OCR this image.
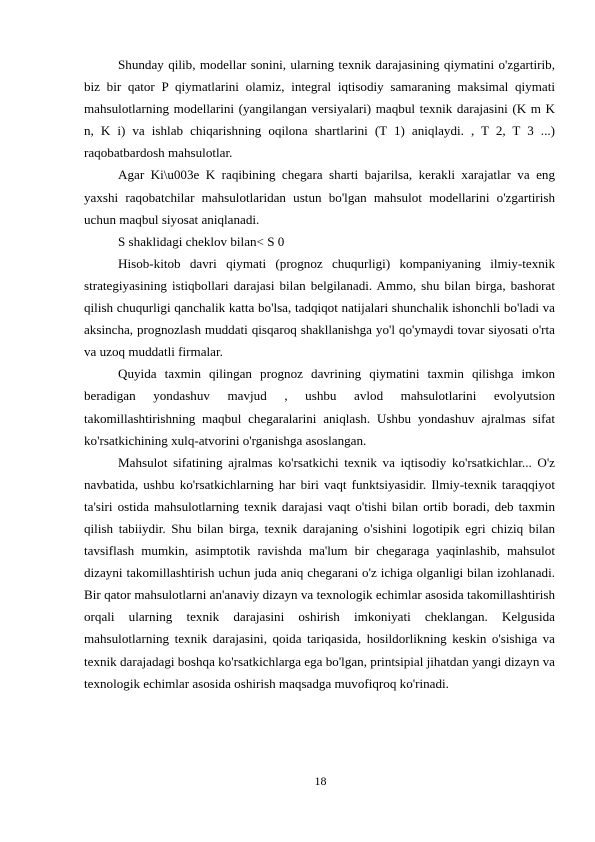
Shunday qilib, modellar sonini, ularning texnik darajasining qiymatini o'zgartirib, biz bir qator P qiymatlarini olamiz, integral iqtisodiy samaraning maksimal qiymati mahsulotlarning modellarini (yangilangan versiyalari) maqbul texnik darajasini (K m K n, K i) va ishlab chiqarishning oqilona shartlarini (T 1) aniqlaydi. , T 2, T 3 ...) raqobatbardosh mahsulotlar.

Agar Ki\u003e K raqibining chegara sharti bajarilsa, kerakli xarajatlar va eng yaxshi raqobatchilar mahsulotlaridan ustun bo'lgan mahsulot modellarini o'zgartirish uchun maqbul siyosat aniqlanadi.

S shaklidagi cheklov bilan< S 0

Hisob-kitob davri qiymati (prognoz chuqurligi) kompaniyaning ilmiy-texnik strategiyasining istiqbollari darajasi bilan belgilanadi. Ammo, shu bilan birga, bashorat qilish chuqurligi qanchalik katta bo'lsa, tadqiqot natijalari shunchalik ishonchli bo'ladi va aksincha, prognozlash muddati qisqaroq shakllanishga yo'l qo'ymaydi tovar siyosati o'rta va uzoq muddatli firmalar.

Quyida taxmin qilingan prognoz davrining qiymatini taxmin qilishga imkon beradigan yondashuv mavjud , ushbu avlod mahsulotlarini evolyutsion takomillashtirishning maqbul chegaralarini aniqlash. Ushbu yondashuv ajralmas sifat ko'rsatkichining xulq-atvorini o'rganishga asoslangan.

Mahsulot sifatining ajralmas ko'rsatkichi texnik va iqtisodiy ko'rsatkichlar... O'z navbatida, ushbu ko'rsatkichlarning har biri vaqt funktsiyasidir. Ilmiy-texnik taraqqiyot ta'siri ostida mahsulotlarning texnik darajasi vaqt o'tishi bilan ortib boradi, deb taxmin qilish tabiiydir. Shu bilan birga, texnik darajaning o'sishini logotipik egri chiziq bilan tavsiflash mumkin, asimptotik ravishda ma'lum bir chegaraga yaqinlashib, mahsulot dizayni takomillashtirish uchun juda aniq chegarani o'z ichiga olganligi bilan izohlanadi. Bir qator mahsulotlarni an'anaviy dizayn va texnologik echimlar asosida takomillashtirish orqali ularning texnik darajasini oshirish imkoniyati cheklangan. Kelgusida mahsulotlarning texnik darajasini, qoida tariqasida, hosildorlikning keskin o'sishiga va texnik darajadagi boshqa ko'rsatkichlarga ega bo'lgan, printsipial jihatdan yangi dizayn va texnologik echimlar asosida oshirish maqsadga muvofiqroq ko'rinadi.

18
